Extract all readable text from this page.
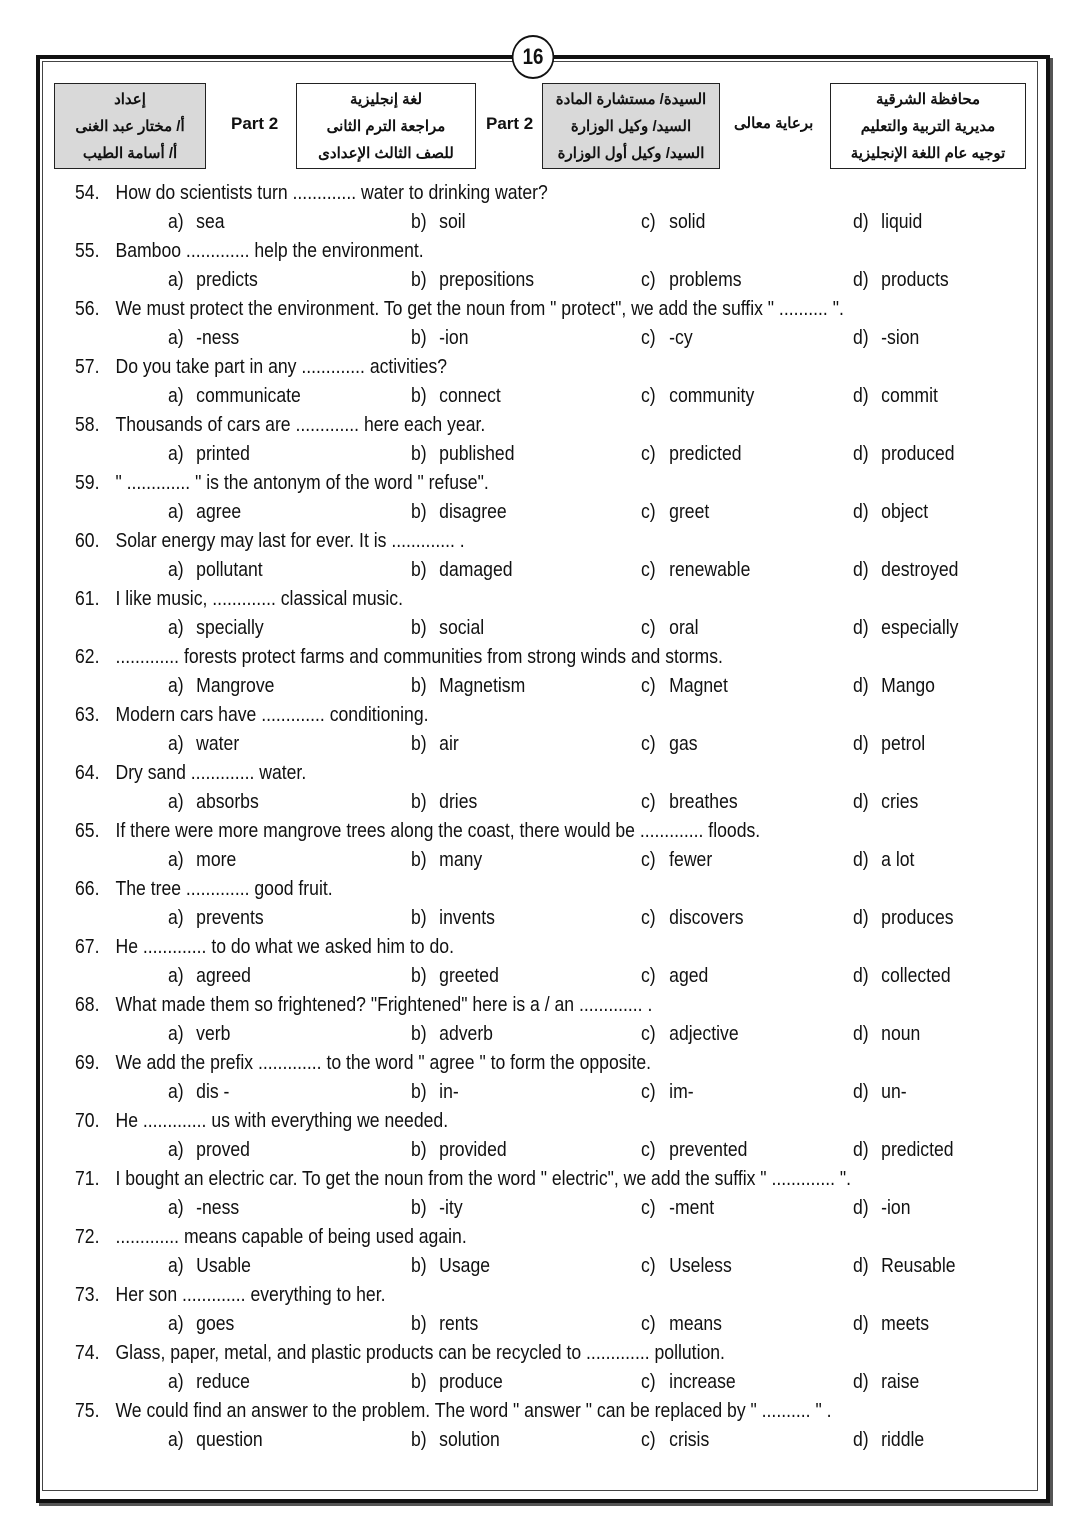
16
إعداد
أ/ مختار عبد الغنى
أ/ أسامة الطيب
Part 2
لغة إنجليزية
مراجعة الترم الثانى
للصف الثالث الإعدادى
Part 2
السيدة/ مستشارة المادة
السيد/ وكيل الوزارة
السيد/ وكيل أول الوزارة
برعاية معالى
محافظة الشرقية
مديرية التربية والتعليم
توجيه عام اللغة الإنجليزية
54. How do scientists turn ............. water to drinking water?
a) sea	b) soil	c) solid	d) liquid
55. Bamboo ............. help the environment.
a) predicts	b) prepositions	c) problems	d) products
56. We must protect the environment. To get the noun from " protect", we add the suffix " .......... ".
a) -ness	b) -ion	c) -cy	d) -sion
57. Do you take part in any ............. activities?
a) communicate	b) connect	c) community	d) commit
58. Thousands of cars are ............. here each year.
a) printed	b) published	c) predicted	d) produced
59. " ............. " is the antonym of the word " refuse".
a) agree	b) disagree	c) greet	d) object
60. Solar energy may last for ever. It is ............. .
a) pollutant	b) damaged	c) renewable	d) destroyed
61. I like music, ............. classical music.
a) specially	b) social	c) oral	d) especially
62. ............. forests protect farms and communities from strong winds and storms.
a) Mangrove	b) Magnetism	c) Magnet	d) Mango
63. Modern cars have ............. conditioning.
a) water	b) air	c) gas	d) petrol
64. Dry sand ............. water.
a) absorbs	b) dries	c) breathes	d) cries
65. If there were more mangrove trees along the coast, there would be ............. floods.
a) more	b) many	c) fewer	d) a lot
66. The tree ............. good fruit.
a) prevents	b) invents	c) discovers	d) produces
67. He ............. to do what we asked him to do.
a) agreed	b) greeted	c) aged	d) collected
68. What made them so frightened? "Frightened" here is a / an ............. .
a) verb	b) adverb	c) adjective	d) noun
69. We add the prefix ............. to the word " agree " to form the opposite.
a) dis -	b) in-	c) im-	d) un-
70. He ............. us with everything we needed.
a) proved	b) provided	c) prevented	d) predicted
71. I bought an electric car. To get the noun from the word " electric", we add the suffix " ............. ".
a) -ness	b) -ity	c) -ment	d) -ion
72. ............. means capable of being used again.
a) Usable	b) Usage	c) Useless	d) Reusable
73. Her son ............. everything to her.
a) goes	b) rents	c) means	d) meets
74. Glass, paper, metal, and plastic products can be recycled to ............. pollution.
a) reduce	b) produce	c) increase	d) raise
75. We could find an answer to the problem. The word " answer " can be replaced by " .......... " .
a) question	b) solution	c) crisis	d) riddle
